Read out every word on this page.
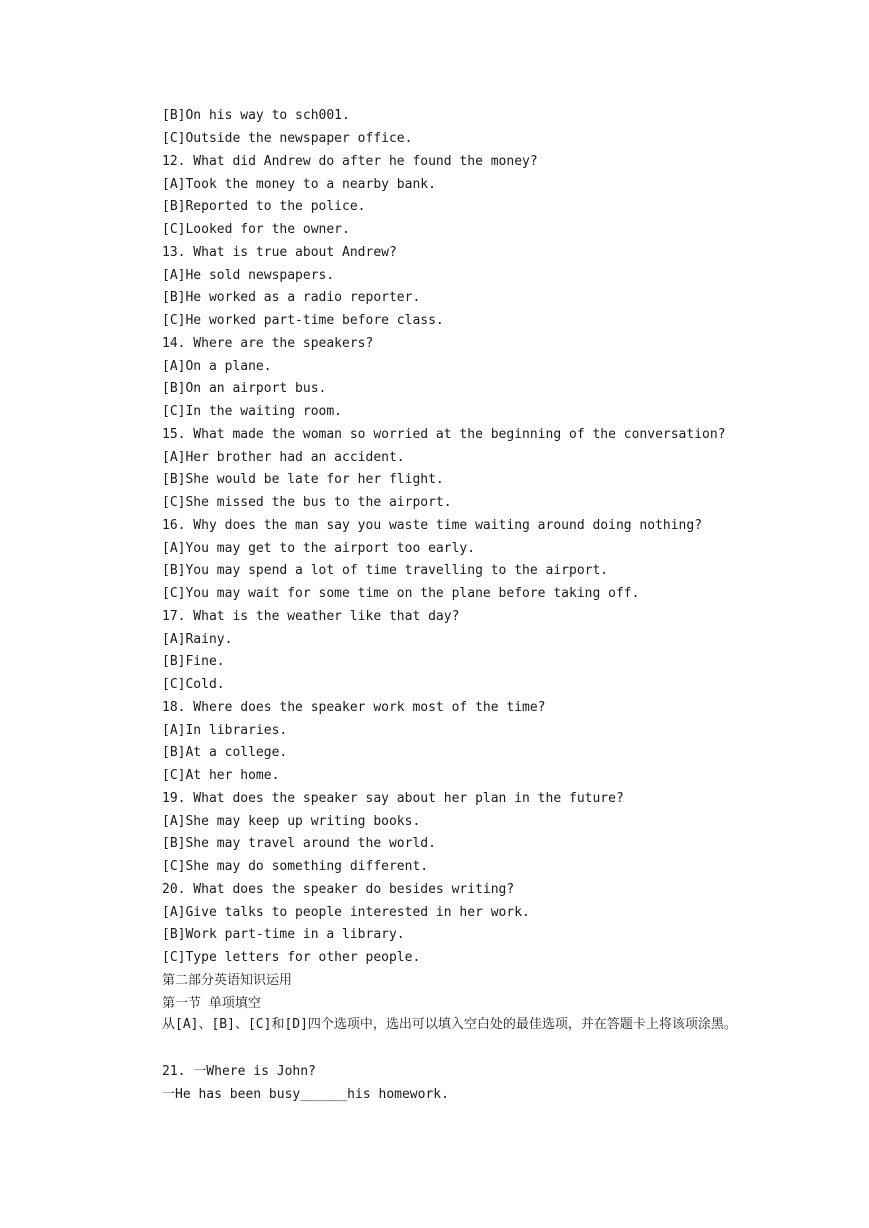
[B]On his way to sch001.
[C]Outside the newspaper office.
12. What did Andrew do after he found the money?
[A]Took the money to a nearby bank.
[B]Reported to the police.
[C]Looked for the owner.
13. What is true about Andrew?
[A]He sold newspapers.
[B]He worked as a radio reporter.
[C]He worked part-time before class.
14. Where are the speakers?
[A]On a plane.
[B]On an airport bus.
[C]In the waiting room.
15. What made the woman so worried at the beginning of the conversation?
[A]Her brother had an accident.
[B]She would be late for her flight.
[C]She missed the bus to the airport.
16. Why does the man say you waste time waiting around doing nothing?
[A]You may get to the airport too early.
[B]You may spend a lot of time travelling to the airport.
[C]You may wait for some time on the plane before taking off.
17. What is the weather like that day?
[A]Rainy.
[B]Fine.
[C]Cold.
18. Where does the speaker work most of the time?
[A]In libraries.
[B]At a college.
[C]At her home.
19. What does the speaker say about her plan in the future?
[A]She may keep up writing books.
[B]She may travel around the world.
[C]She may do something different.
20. What does the speaker do besides writing?
[A]Give talks to people interested in her work.
[B]Work part-time in a library.
[C]Type letters for other people.
第二部分英语知识运用
第一节 单项填空
从[A]、[B]、[C]和[D]四个选项中，选出可以填入空白处的最佳选项，并在答题卡上将该项涂黑。
21. 一Where is John?
一He has been busy______his homework.
